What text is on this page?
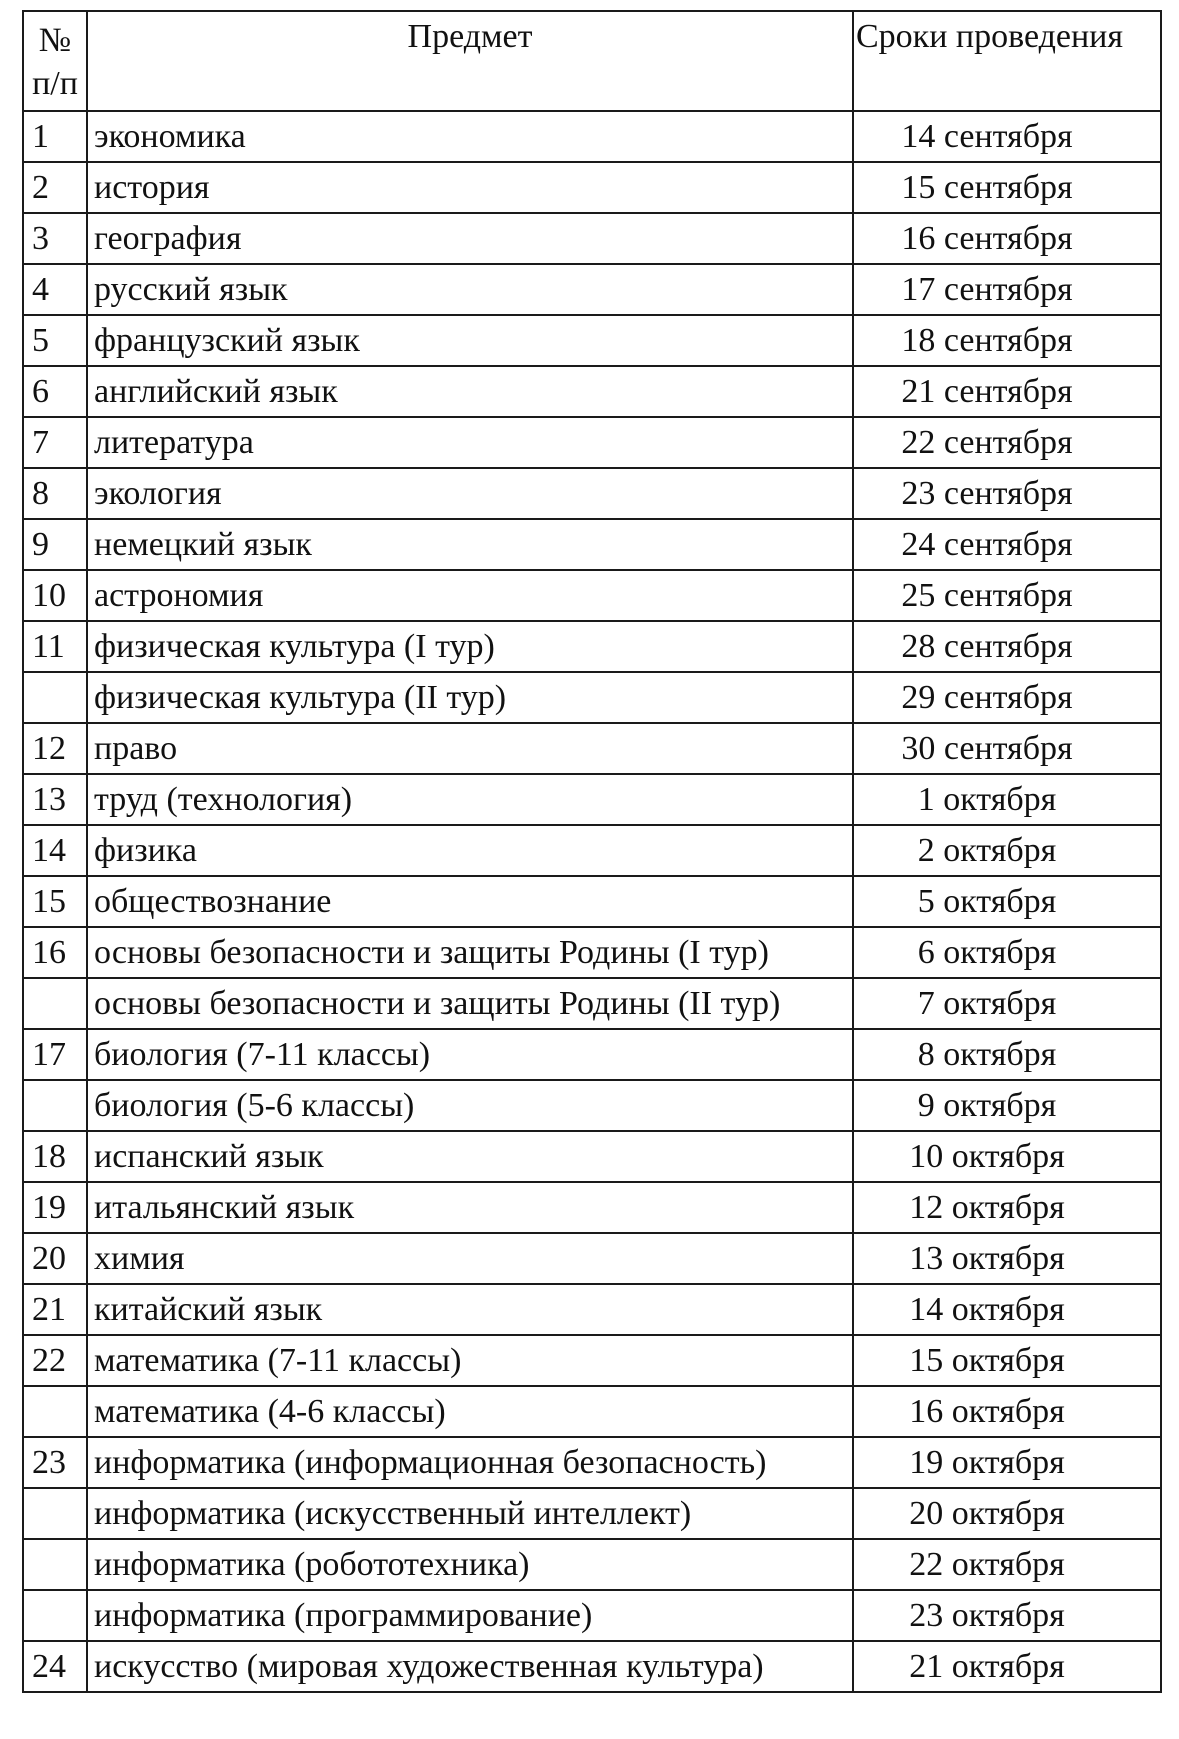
№
п/п	Предмет	Сроки проведения
1	экономика	14 сентября
2	история	15 сентября
3	география	16 сентября
4	русский язык	17 сентября
5	французский язык	18 сентября
6	английский язык	21 сентября
7	литература	22 сентября
8	экология	23 сентября
9	немецкий язык	24 сентября
10	астрономия	25 сентября
11	физическая культура (I тур)	28 сентября
	физическая культура (II тур)	29 сентября
12	право	30 сентября
13	труд (технология)	1 октября
14	физика	2 октября
15	обществознание	5 октября
16	основы безопасности и защиты Родины (I тур)	6 октября
	основы безопасности и защиты Родины (II тур)	7 октября
17	биология (7-11 классы)	8 октября
	биология (5-6 классы)	9 октября
18	испанский язык	10 октября
19	итальянский язык	12 октября
20	химия	13 октября
21	китайский язык	14 октября
22	математика (7-11 классы)	15 октября
	математика (4-6 классы)	16 октября
23	информатика (информационная безопасность)	19 октября
	информатика (искусственный интеллект)	20 октября
	информатика (робототехника)	22 октября
	информатика (программирование)	23 октября
24	искусство (мировая художественная культура)	21 октября
